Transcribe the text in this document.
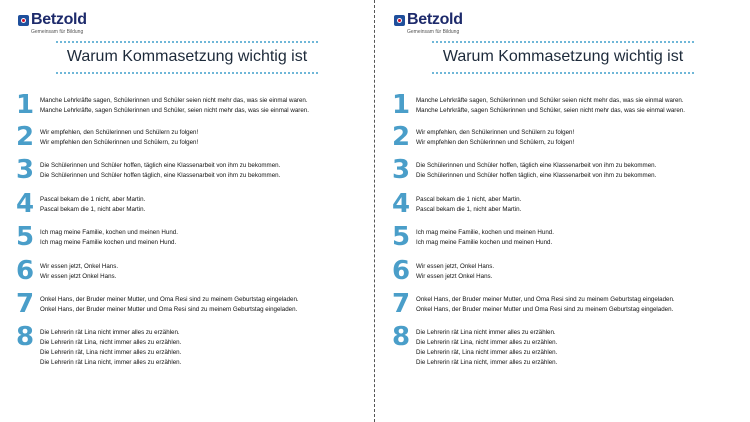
Betzold
Gemeinsam für Bildung
Warum Kommasetzung wichtig ist
1 Manche Lehrkräfte sagen, Schülerinnen und Schüler seien nicht mehr das, was sie einmal waren.
Manche Lehrkräfte, sagen Schülerinnen und Schüler, seien nicht mehr das, was sie einmal waren.
2 Wir empfehlen, den Schülerinnen und Schülern zu folgen!
Wir empfehlen den Schülerinnen und Schülern, zu folgen!
3 Die Schülerinnen und Schüler hoffen, täglich eine Klassenarbeit von ihm zu bekommen.
Die Schülerinnen und Schüler hoffen täglich, eine Klassenarbeit von ihm zu bekommen.
4 Pascal bekam die 1 nicht, aber Martin.
Pascal bekam die 1, nicht aber Martin.
5 Ich mag meine Familie, kochen und meinen Hund.
Ich mag meine Familie kochen und meinen Hund.
6 Wir essen jetzt, Onkel Hans.
Wir essen jetzt Onkel Hans.
7 Onkel Hans, der Bruder meiner Mutter, und Oma Resi sind zu meinem Geburtstag eingeladen.
Onkel Hans, der Bruder meiner Mutter und Oma Resi sind zu meinem Geburtstag eingeladen.
8 Die Lehrerin rät Lina nicht immer alles zu erzählen.
Die Lehrerin rät Lina, nicht immer alles zu erzählen.
Die Lehrerin rät, Lina nicht immer alles zu erzählen.
Die Lehrerin rät Lina nicht, immer alles zu erzählen.
Betzold
Gemeinsam für Bildung
Warum Kommasetzung wichtig ist
1 Manche Lehrkräfte sagen, Schülerinnen und Schüler seien nicht mehr das, was sie einmal waren.
Manche Lehrkräfte, sagen Schülerinnen und Schüler, seien nicht mehr das, was sie einmal waren.
2 Wir empfehlen, den Schülerinnen und Schülern zu folgen!
Wir empfehlen den Schülerinnen und Schülern, zu folgen!
3 Die Schülerinnen und Schüler hoffen, täglich eine Klassenarbeit von ihm zu bekommen.
Die Schülerinnen und Schüler hoffen täglich, eine Klassenarbeit von ihm zu bekommen.
4 Pascal bekam die 1 nicht, aber Martin.
Pascal bekam die 1, nicht aber Martin.
5 Ich mag meine Familie, kochen und meinen Hund.
Ich mag meine Familie kochen und meinen Hund.
6 Wir essen jetzt, Onkel Hans.
Wir essen jetzt Onkel Hans.
7 Onkel Hans, der Bruder meiner Mutter, und Oma Resi sind zu meinem Geburtstag eingeladen.
Onkel Hans, der Bruder meiner Mutter und Oma Resi sind zu meinem Geburtstag eingeladen.
8 Die Lehrerin rät Lina nicht immer alles zu erzählen.
Die Lehrerin rät Lina, nicht immer alles zu erzählen.
Die Lehrerin rät, Lina nicht immer alles zu erzählen.
Die Lehrerin rät Lina nicht, immer alles zu erzählen.
